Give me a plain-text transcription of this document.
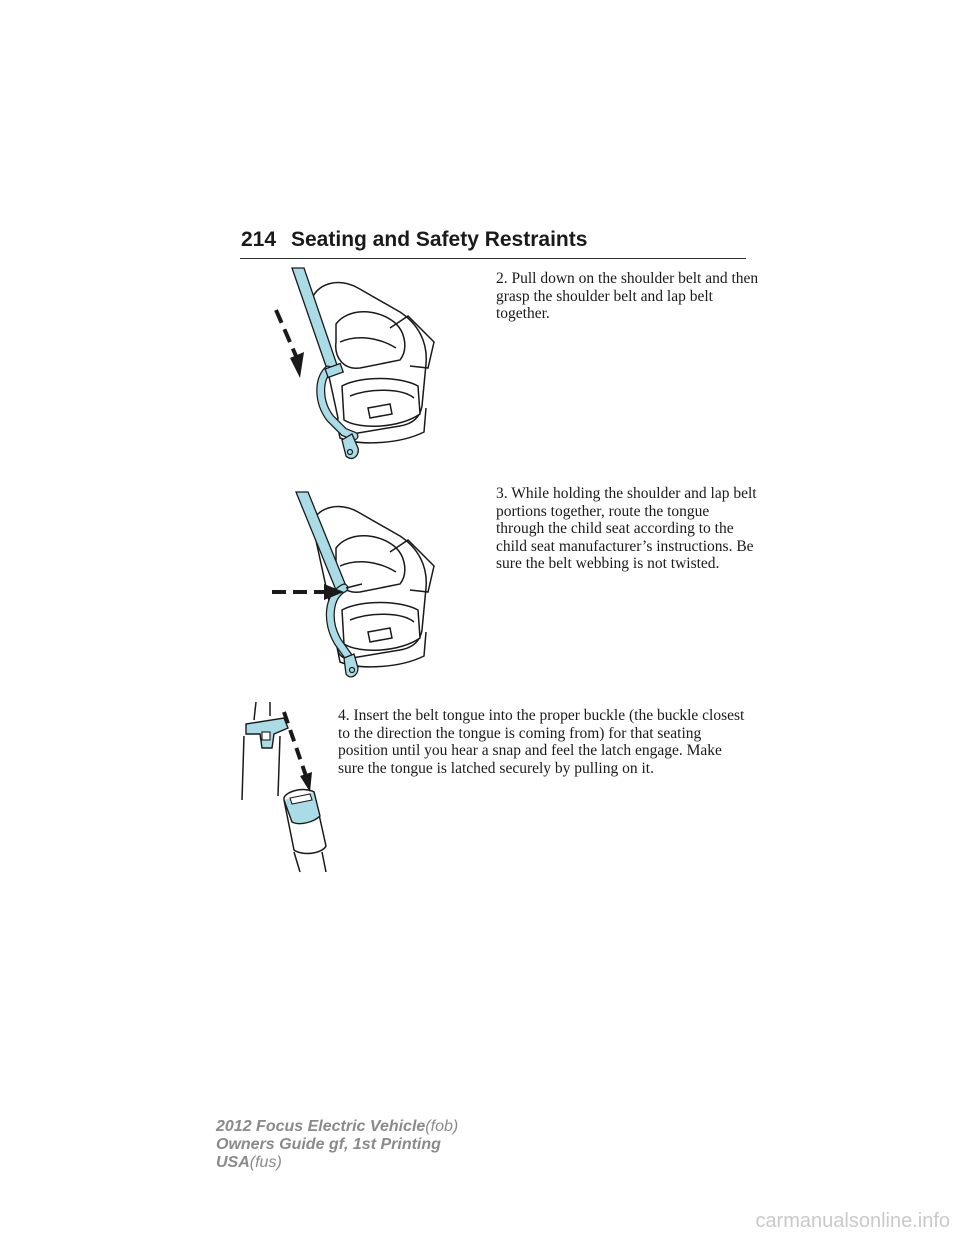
214 Seating and Safety Restraints

2. Pull down on the shoulder belt and then grasp the shoulder belt and lap belt together.

3. While holding the shoulder and lap belt portions together, route the tongue through the child seat according to the child seat manufacturer’s instructions. Be sure the belt webbing is not twisted.

4. Insert the belt tongue into the proper buckle (the buckle closest to the direction the tongue is coming from) for that seating position until you hear a snap and feel the latch engage. Make sure the tongue is latched securely by pulling on it.

2012 Focus Electric Vehicle(fob)
Owners Guide gf, 1st Printing
USA(fus)
carmanualsonline.info
